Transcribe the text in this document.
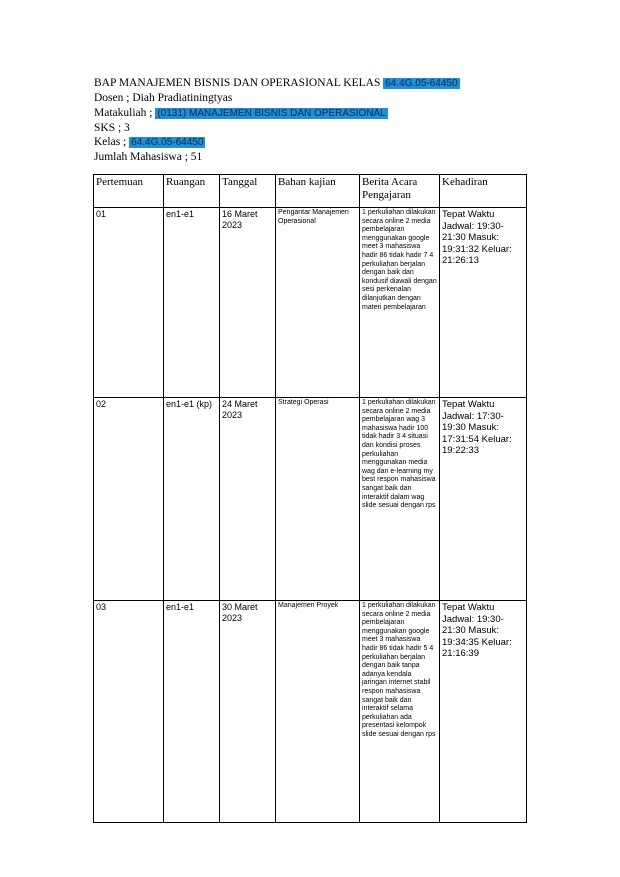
BAP MANAJEMEN BISNIS DAN OPERASIONAL KELAS 64.4G.05-64450
Dosen ; Diah Pradiatiningtyas
Matakuliah ; (0131) MANAJEMEN BISNIS DAN OPERASIONAL
SKS ; 3
Kelas ; 64.4G.05-64450
Jumlah Mahasiswa ; 51
Pertemuan	Ruangan	Tanggal	Bahan kajian	Berita Acara Pengajaran	Kehadiran
01	en1-e1	16 Maret 2023	Pengantar Manajemen Operasional	1 perkuliahan dilakukan secara online 2 media pembelajaran menggunakan google meet 3 mahasiswa hadir 86 tidak hadir 7 4 perkuliahan berjalan dengan baik dan kondusif diawali dengan sesi perkenalan dilanjutkan dengan materi pembelajaran	Tepat Waktu Jadwal: 19:30-21:30 Masuk: 19:31:32 Keluar: 21:26:13
02	en1-e1 (kp)	24 Maret 2023	Strategi Operasi	1 perkuliahan dilakukan secara online 2 media pembelajaran wag 3 mahasiswa hadir 100 tidak hadir 3 4 situasi dan kondisi proses perkuliahan menggunakan media wag dan e-learning my best respon mahasiswa sangat baik dan interaktif dalam wag slide sesuai dengan rps	Tepat Waktu Jadwal: 17:30-19:30 Masuk: 17:31:54 Keluar: 19:22:33
03	en1-e1	30 Maret 2023	Manajemen Proyek	1 perkuliahan dilakukan secara online 2 media pembelajaran menggunakan google meet 3 mahasiswa hadir 86 tidak hadir 5 4 perkuliahan berjalan dengan baik tanpa adanya kendala jaringan internet stabil respon mahasiswa sangat baik dan interaktif selama perkuliahan ada presentasi kelompok slide sesuai dengan rps	Tepat Waktu Jadwal: 19:30-21:30 Masuk: 19:34:35 Keluar: 21:16:39
